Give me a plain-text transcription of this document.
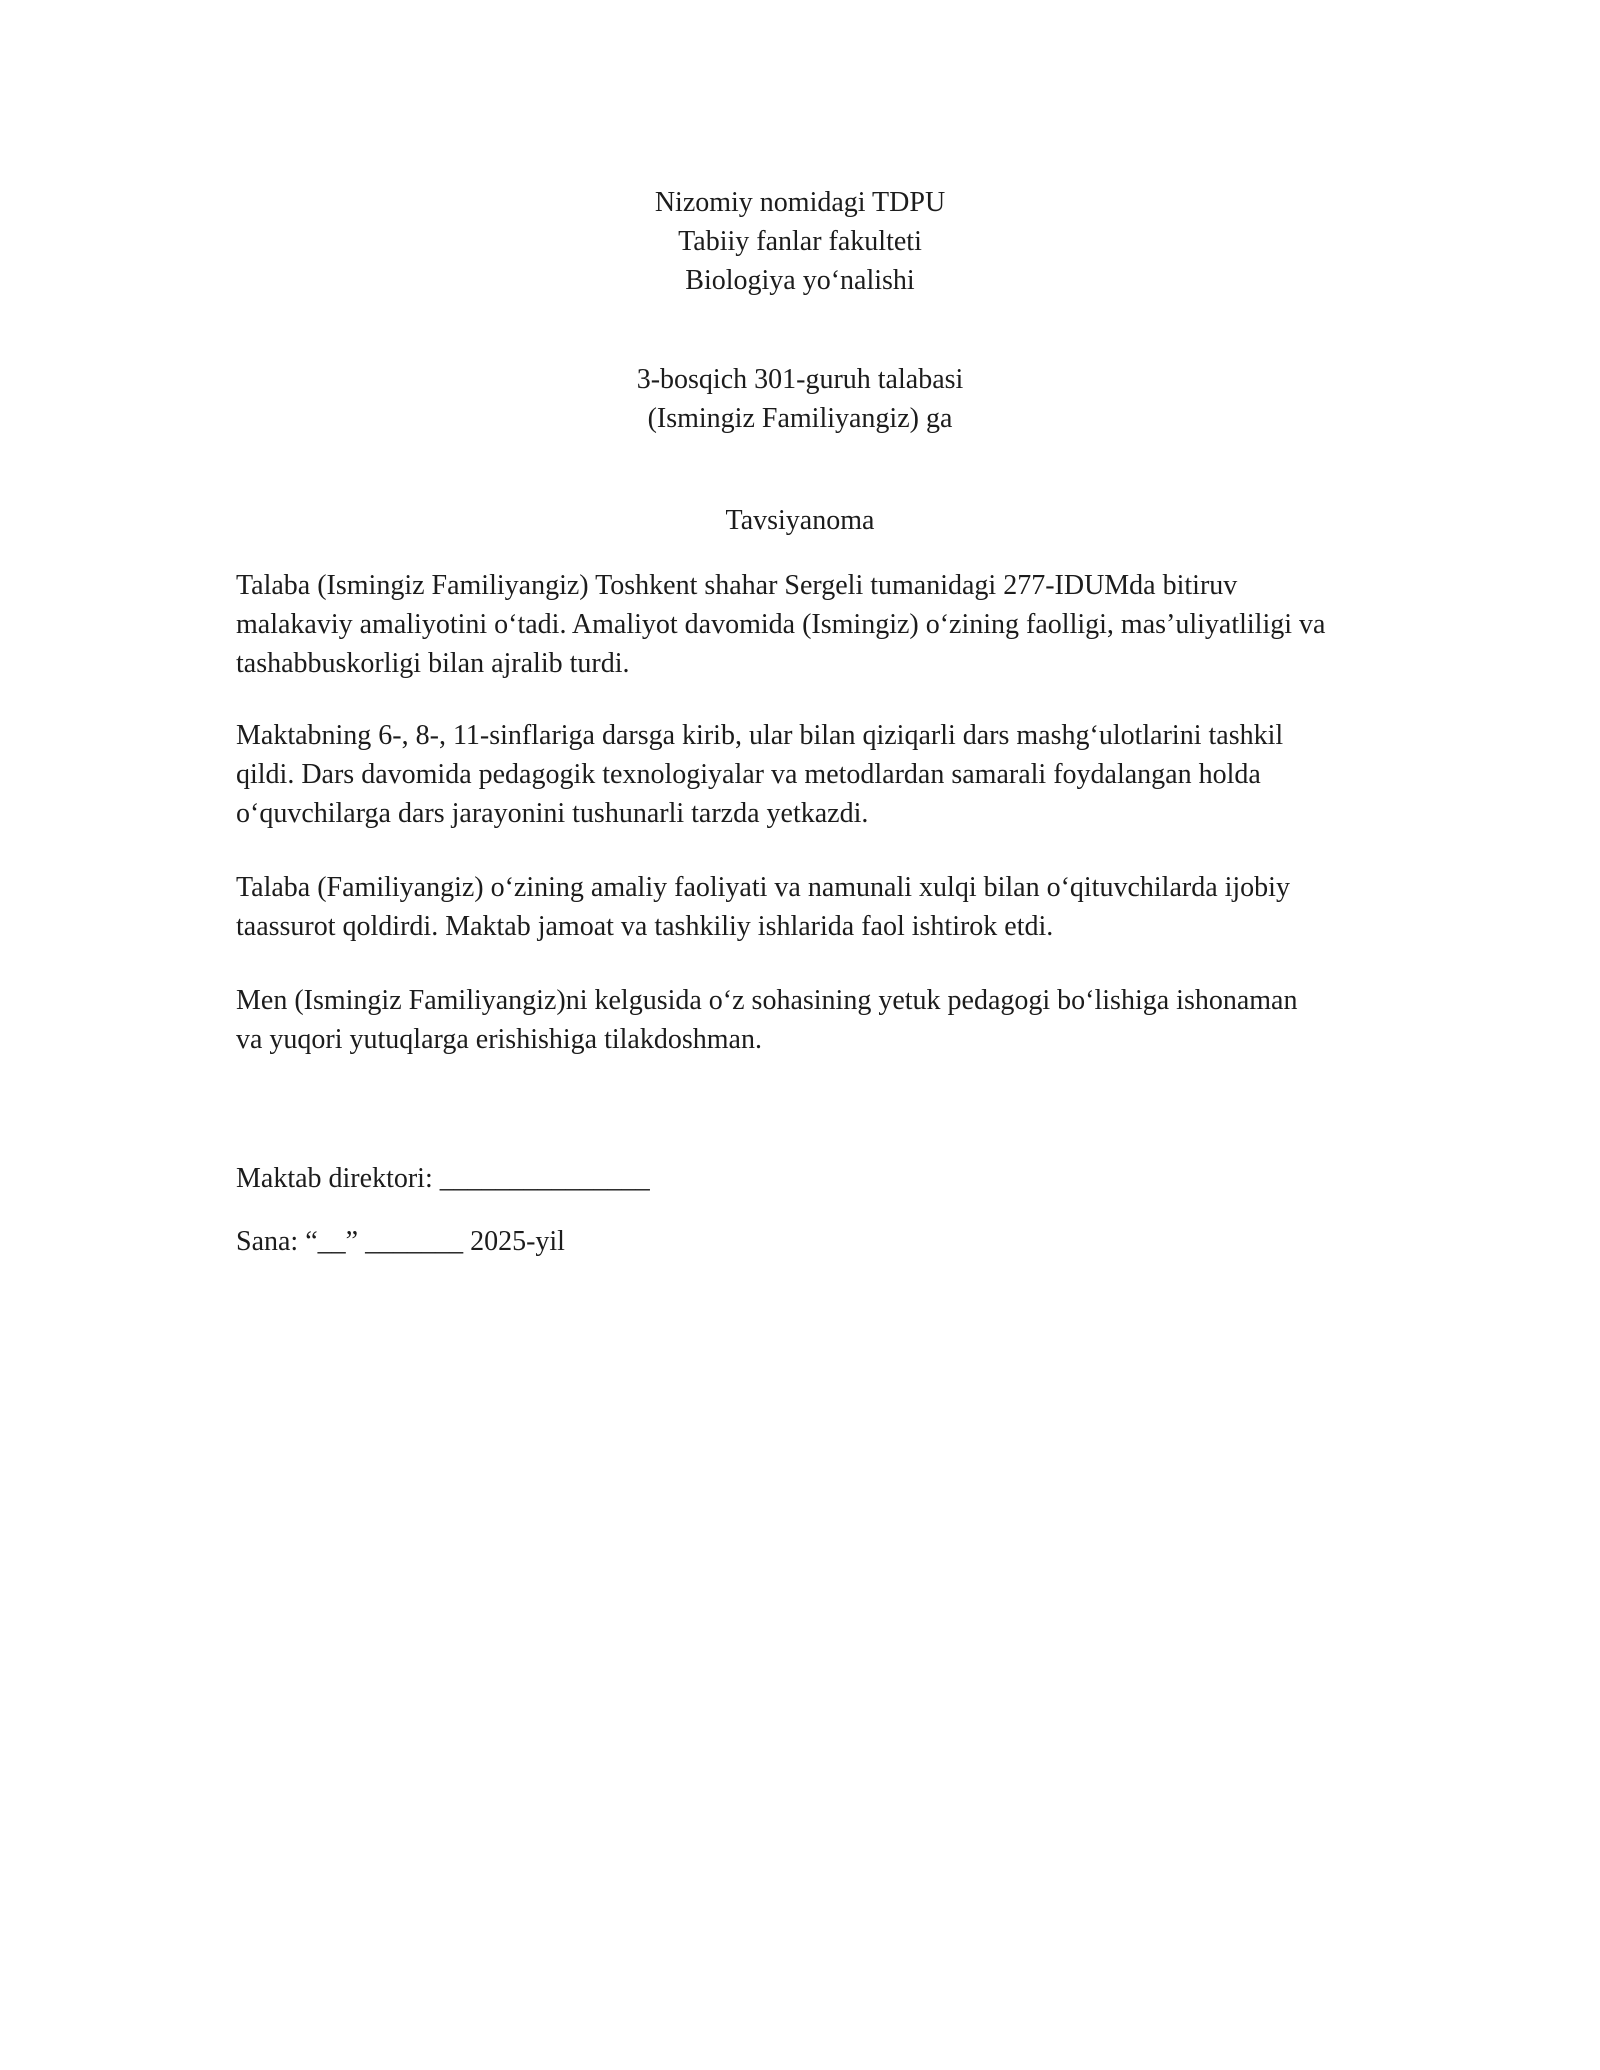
Nizomiy nomidagi TDPU
Tabiiy fanlar fakulteti
Biologiya yoʻnalishi
3-bosqich 301-guruh talabasi
(Ismingiz Familiyangiz) ga
Tavsiyanoma
Talaba (Ismingiz Familiyangiz) Toshkent shahar Sergeli tumanidagi 277-IDUMda bitiruv
malakaviy amaliyotini oʻtadi. Amaliyot davomida (Ismingiz) oʻzining faolligi, mas’uliyatliligi va
tashabbuskorligi bilan ajralib turdi.
Maktabning 6-, 8-, 11-sinflariga darsga kirib, ular bilan qiziqarli dars mashgʻulotlarini tashkil
qildi. Dars davomida pedagogik texnologiyalar va metodlardan samarali foydalangan holda
oʻquvchilarga dars jarayonini tushunarli tarzda yetkazdi.
Talaba (Familiyangiz) oʻzining amaliy faoliyati va namunali xulqi bilan oʻqituvchilarda ijobiy
taassurot qoldirdi. Maktab jamoat va tashkiliy ishlarida faol ishtirok etdi.
Men (Ismingiz Familiyangiz)ni kelgusida oʻz sohasining yetuk pedagogi boʻlishiga ishonaman
va yuqori yutuqlarga erishishiga tilakdoshman.
Maktab direktori: _______________
Sana: “__” _______ 2025-yil
